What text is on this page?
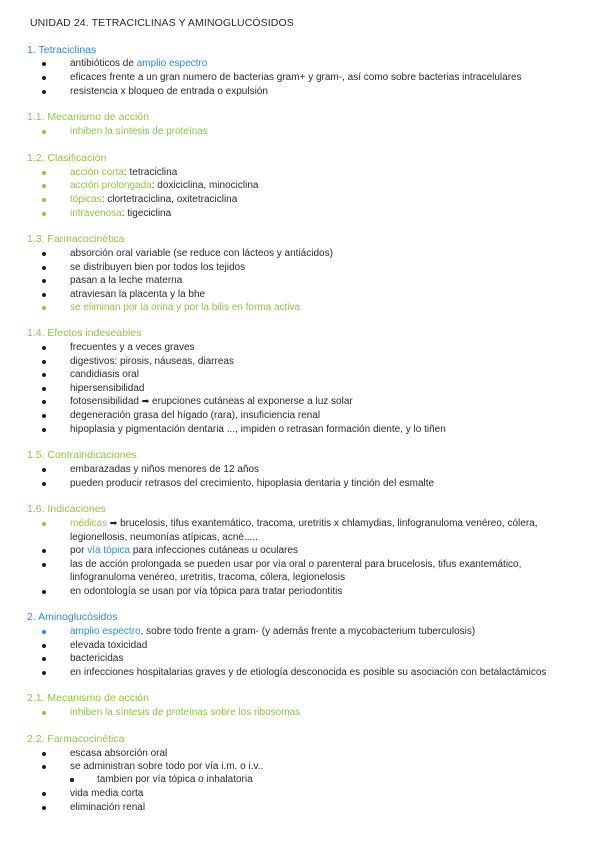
UNIDAD 24. TETRACICLINAS Y AMINOGLUCÓSIDOS
1. Tetraciclinas
antibióticos de amplio espectro
eficaces frente a un gran numero de bacterias gram+ y gram-, así como sobre bacterias intracelulares
resistencia x bloqueo de entrada o expulsión
1.1. Mecanismo de acción
inhiben la síntesis de proteínas
1.2. Clasificación
acción corta: tetraciclina
acción prolongada: doxiciclina, minociclina
tópicas: clortetraciclina, oxitetraciclina
intravenosa: tigeciclina
1.3. Farmacocinética
absorción oral variable (se reduce con lácteos y antiácidos)
se distribuyen bien por todos los tejidos
pasan a la leche materna
atraviesan la placenta y la bhe
se eliminan por la orina y por la bilis en forma activa
1.4. Efectos indeseables
frecuentes y a veces graves
digestivos: pirosis, náuseas, diarreas
candidiasis oral
hipersensibilidad
fotosensibilidad ➡ erupciones cutáneas al exponerse a luz solar
degeneración grasa del hígado (rara), insuficiencia renal
hipoplasia y pigmentación dentaria ..., impiden o retrasan formación diente, y lo tiñen
1.5. Contraindicaciones
embarazadas y niños menores de 12 años
pueden producir retrasos del crecimiento, hipoplasia dentaria y tinción del esmalte
1.6. Indicaciones
médicas ➡ brucelosis, tifus exantemático, tracoma, uretritis x chlamydias, linfogranuloma venéreo, cólera,
legionellosis, neumonías atípicas, acné.....
por vía tópica para infecciones cutáneas u oculares
las de acción prolongada se pueden usar por vía oral o parenteral para brucelosis, tifus exantemático,
linfogranuloma venéreo, uretritis, tracoma, cólera, legionelosis
en odontología se usan por vía tópica para tratar periodontitis
2. Aminoglucósidos
amplio espectro, sobre todo frente a gram- (y además frente a mycobacterium tuberculosis)
elevada toxicidad
bactericidas
en infecciones hospitalarias graves y de etiología desconocida es posible su asociación con betalactámicos
2.1. Mecanismo de acción
inhiben la síntesis de proteínas sobre los ribosomas
2.2. Farmacocinética
escasa absorción oral
se administran sobre todo por vía i.m. o i.v..
tambien por vía tópica o inhalatoria
vida media corta
eliminación renal
